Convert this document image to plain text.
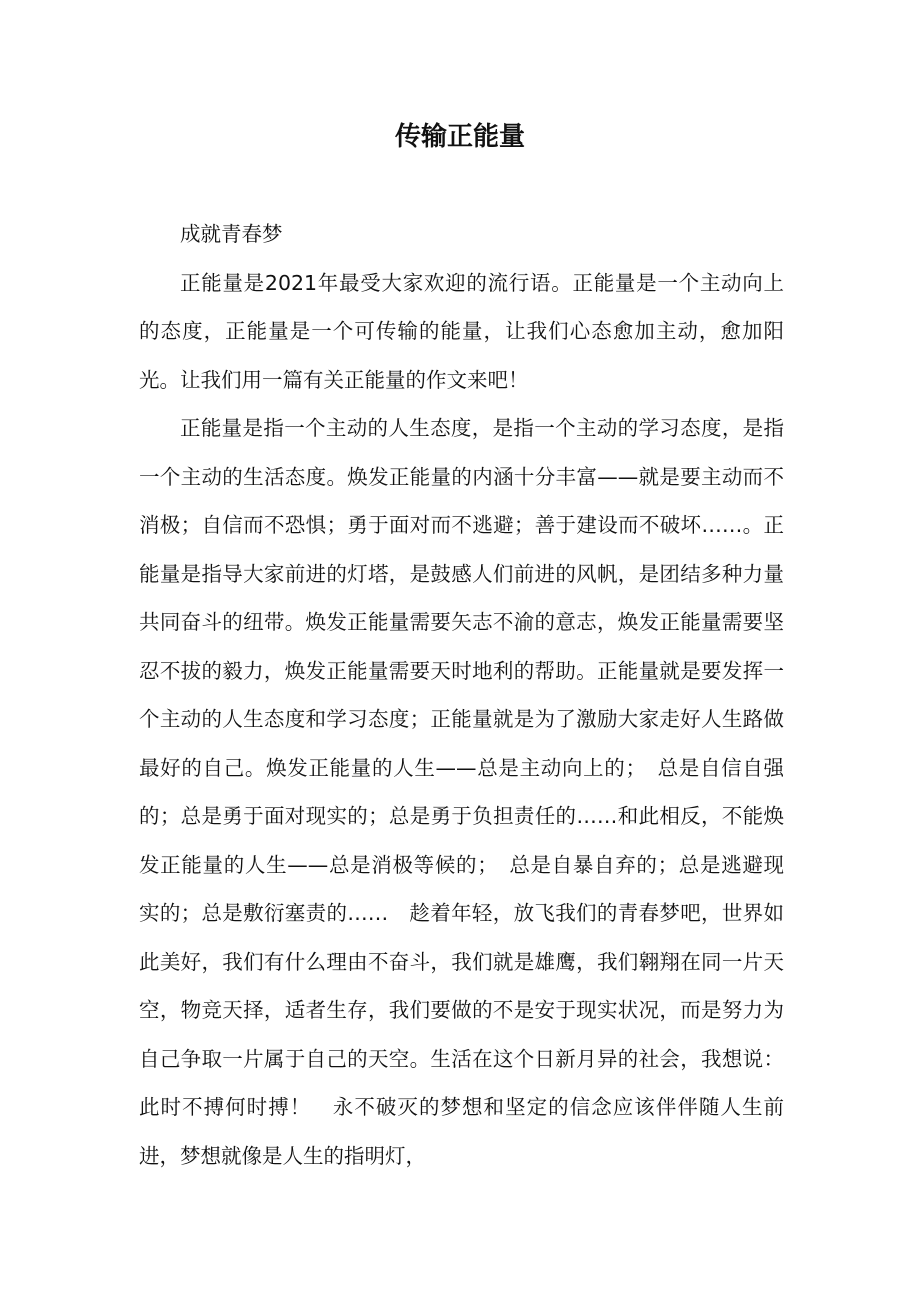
传输正能量

成就青春梦

正能量是2021年最受大家欢迎的流行语。正能量是一个主动向上的态度，正能量是一个可传输的能量，让我们心态愈加主动，愈加阳光。让我们用一篇有关正能量的作文来吧！

正能量是指一个主动的人生态度，是指一个主动的学习态度，是指一个主动的生活态度。焕发正能量的内涵十分丰富——就是要主动而不消极；自信而不恐惧；勇于面对而不逃避；善于建设而不破坏……。正能量是指导大家前进的灯塔，是鼓感人们前进的风帆，是团结多种力量共同奋斗的纽带。焕发正能量需要矢志不渝的意志，焕发正能量需要坚忍不拔的毅力，焕发正能量需要天时地利的帮助。正能量就是要发挥一个主动的人生态度和学习态度；正能量就是为了激励大家走好人生路做最好的自己。焕发正能量的人生——总是主动向上的；　总是自信自强的；总是勇于面对现实的；总是勇于负担责任的……和此相反，不能焕发正能量的人生——总是消极等候的；　总是自暴自弃的；总是逃避现实的；总是敷衍塞责的……　趁着年轻，放飞我们的青春梦吧，世界如此美好，我们有什么理由不奋斗，我们就是雄鹰，我们翱翔在同一片天空，物竞天择，适者生存，我们要做的不是安于现实状况，而是努力为自己争取一片属于自己的天空。生活在这个日新月异的社会，我想说：此时不搏何时搏！　永不破灭的梦想和坚定的信念应该伴伴随人生前进，梦想就像是人生的指明灯，
